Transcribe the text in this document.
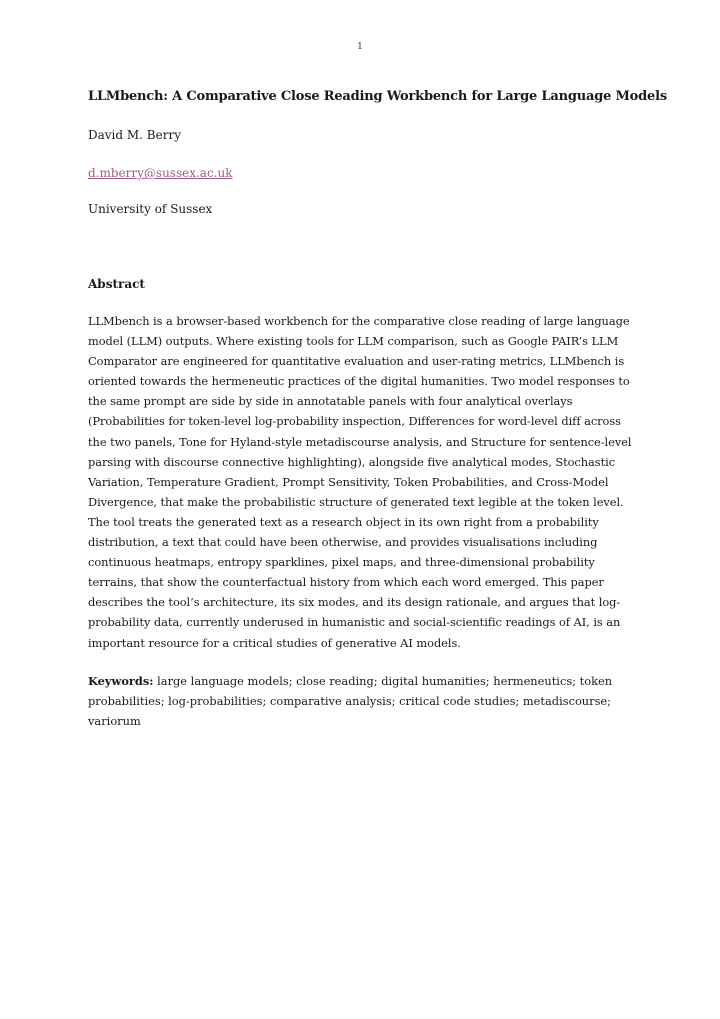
1
LLMbench: A Comparative Close Reading Workbench for Large Language Models
David M. Berry
d.mberry@sussex.ac.uk
University of Sussex
Abstract

LLMbench is a browser-based workbench for the comparative close reading of large language model (LLM) outputs. Where existing tools for LLM comparison, such as Google PAIR’s LLM Comparator are engineered for quantitative evaluation and user-rating metrics, LLMbench is oriented towards the hermeneutic practices of the digital humanities. Two model responses to the same prompt are side by side in annotatable panels with four analytical overlays (Probabilities for token-level log-probability inspection, Differences for word-level diff across the two panels, Tone for Hyland-style metadiscourse analysis, and Structure for sentence-level parsing with discourse connective highlighting), alongside five analytical modes, Stochastic Variation, Temperature Gradient, Prompt Sensitivity, Token Probabilities, and Cross-Model Divergence, that make the probabilistic structure of generated text legible at the token level. The tool treats the generated text as a research object in its own right from a probability distribution, a text that could have been otherwise, and provides visualisations including continuous heatmaps, entropy sparklines, pixel maps, and three-dimensional probability terrains, that show the counterfactual history from which each word emerged. This paper describes the tool’s architecture, its six modes, and its design rationale, and argues that log-probability data, currently underused in humanistic and social-scientific readings of AI, is an important resource for a critical studies of generative AI models.

Keywords: large language models; close reading; digital humanities; hermeneutics; token probabilities; log-probabilities; comparative analysis; critical code studies; metadiscourse; variorum
